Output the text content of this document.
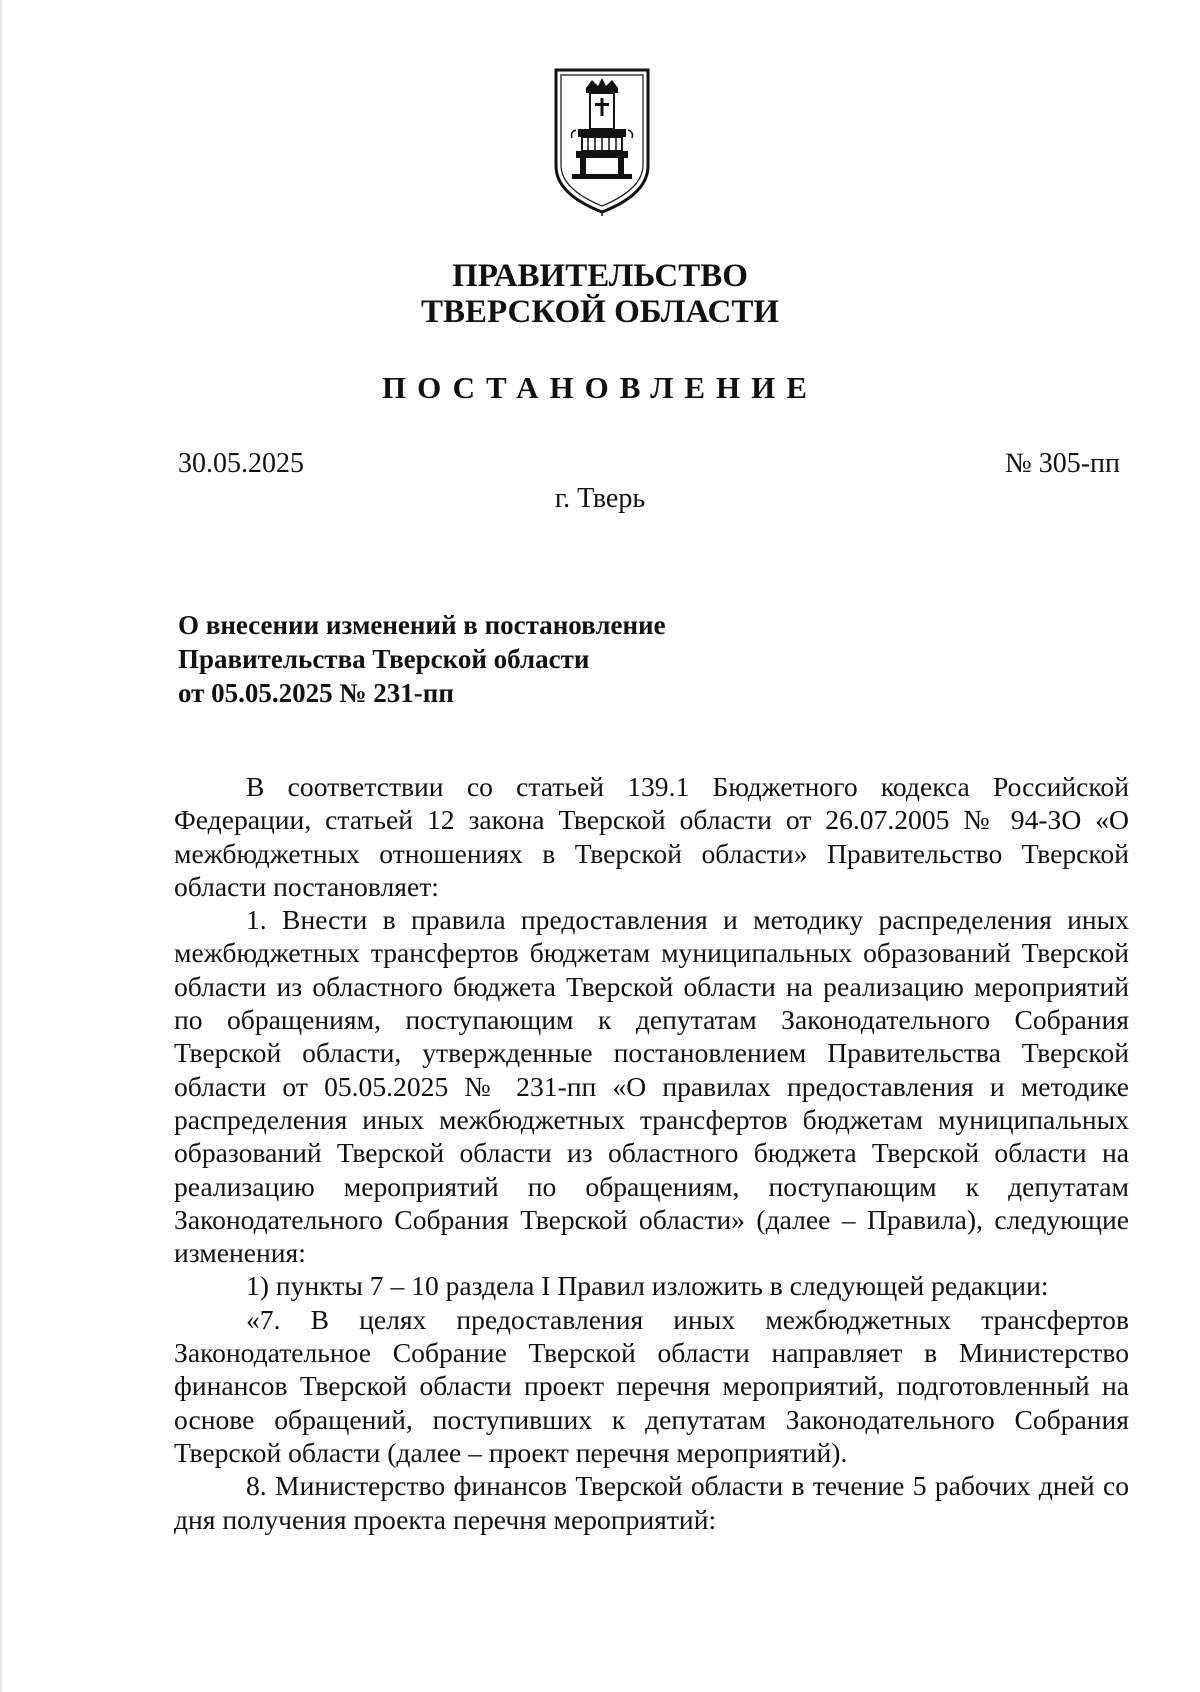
ПРАВИТЕЛЬСТВО
ТВЕРСКОЙ ОБЛАСТИ
ПОСТАНОВЛЕНИЕ
30.05.2025	№ 305-пп
г. Тверь
О внесении изменений в постановление
Правительства Тверской области
от 05.05.2025 № 231-пп

В соответствии со статьей 139.1 Бюджетного кодекса Российской Федерации, статьей 12 закона Тверской области от 26.07.2005 № 94-ЗО «О межбюджетных отношениях в Тверской области» Правительство Тверской области постановляет:

1. Внести в правила предоставления и методику распределения иных межбюджетных трансфертов бюджетам муниципальных образований Тверской области из областного бюджета Тверской области на реализацию мероприятий по обращениям, поступающим к депутатам Законодательного Собрания Тверской области, утвержденные постановлением Правительства Тверской области от 05.05.2025 № 231-пп «О правилах предоставления и методике распределения иных межбюджетных трансфертов бюджетам муниципальных образований Тверской области из областного бюджета Тверской области на реализацию мероприятий по обращениям, поступающим к депутатам Законодательного Собрания Тверской области» (далее – Правила), следующие изменения:

1) пункты 7 – 10 раздела I Правил изложить в следующей редакции:

«7. В целях предоставления иных межбюджетных трансфертов Законодательное Собрание Тверской области направляет в Министерство финансов Тверской области проект перечня мероприятий, подготовленный на основе обращений, поступивших к депутатам Законодательного Собрания Тверской области (далее – проект перечня мероприятий).

8. Министерство финансов Тверской области в течение 5 рабочих дней со дня получения проекта перечня мероприятий:
